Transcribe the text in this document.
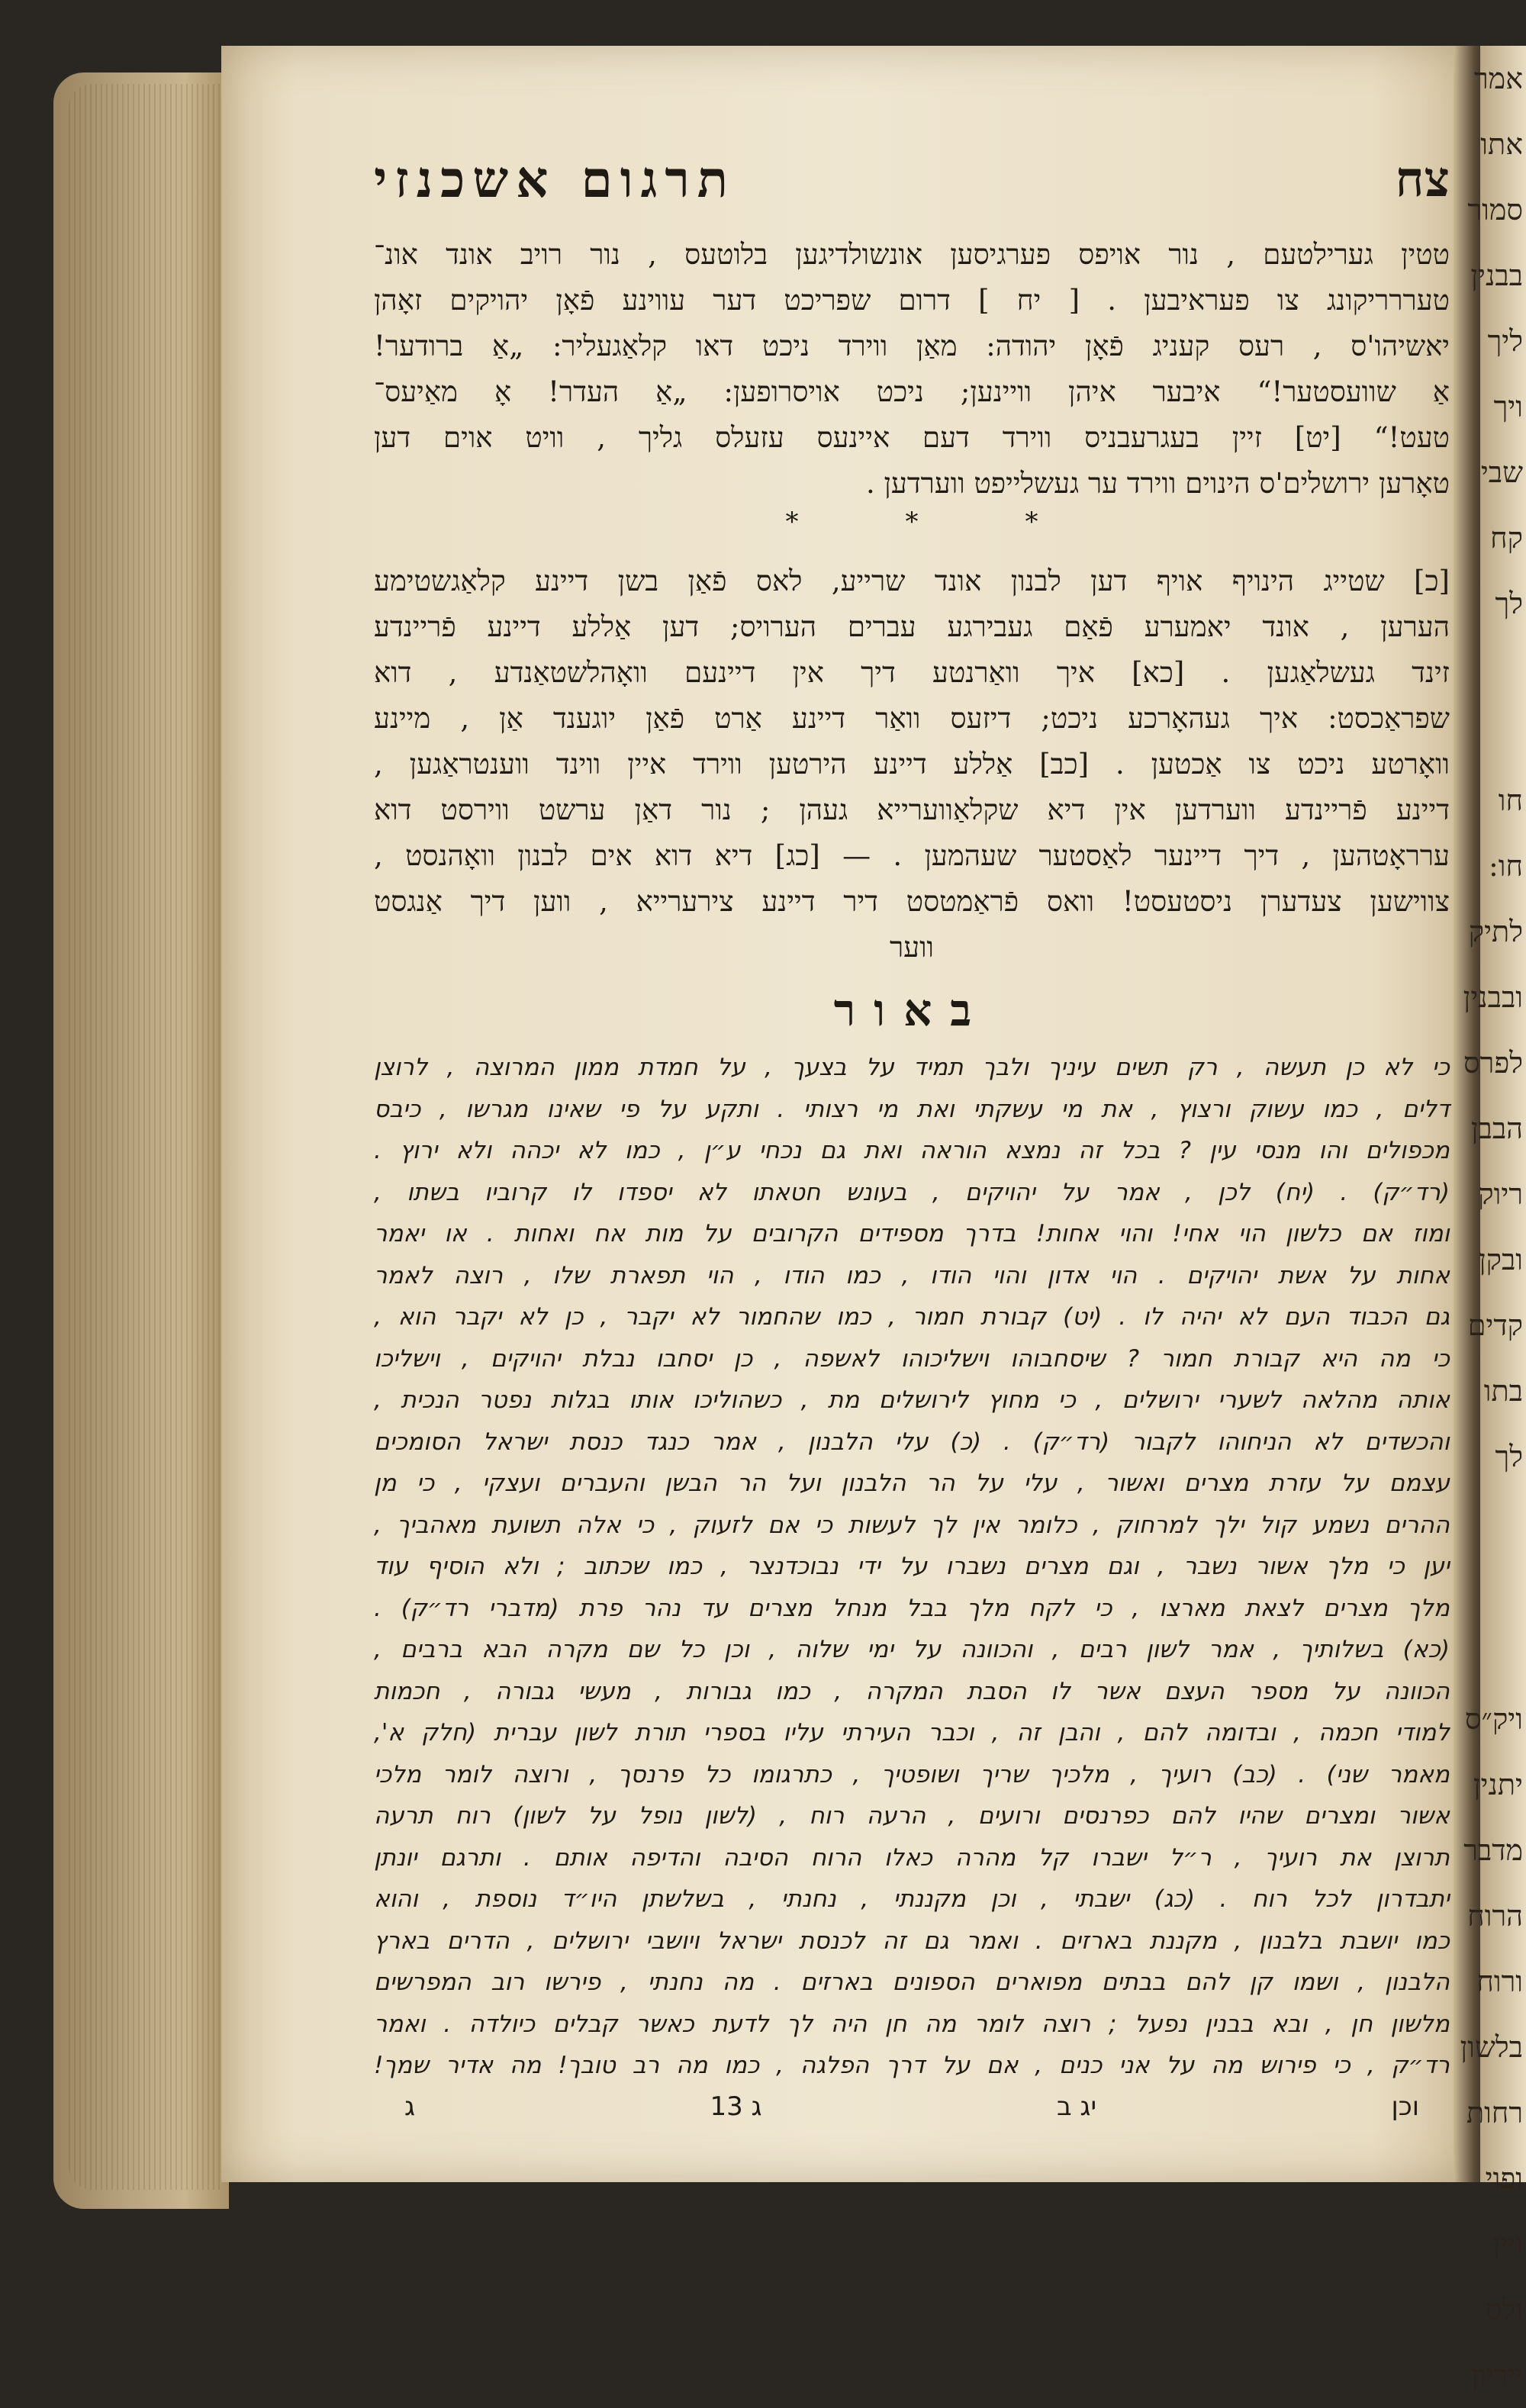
אמר
אתו
סמור
בבנין
ליך
ויך
שבי
קח
לך

חו
חו:
לתיק
ובבנין
לפרס
הבבן
ריוק
ובקן
קדים
בתו
לך

ויק״ס
יתנין
מדבר
הרוח
ורוח
בלשון
רחות
ופוי
ויין
ולס
ייריון
צח
תרגום אשכנזי
טטין גערילטעם , נור אויפס פערגיסען אונשולדיגען בלוטעס , נור רויב אונד אונ־
טעררריקונג צו פעראיבען . [ יח ] דרום שפריכט דער עווינע פֿאָן יהויקים זאָהן
יאשיהו'ס , רעס קעניג פֿאָן יהודה: מאַן ווירד ניכט דאו קלאַגעליר: „אַ ברודער!
אַ שוועסטער!“ איבער איהן וויינען; ניכט אויסרופען: „אַ העדר! אָ מאַיעס־
טעט!“ [יט] זיין בעגרעבניס ווירד דעם איינעס עזעלס גליך , וויט אוים דען
טאָרען ירושלים'ס הינוים ווירד ער געשלייפט ווערדען .
*	*	*
[כ] שטייג הינויף אויף דען לבנון אונד שרייע, לאס פֿאַן בשן דיינע קלאַגשטימע
הערען , אונד יאמערע פֿאַם געבירגע עברים הערויס; דען אַללע דיינע פֿריינדע
זינד געשלאַגען . [כא] איך וואַרנטע דיך אין דיינעם וואָהלשטאַנדע , דוא
שפראַכסט: איך געהאָרכע ניכט; דיזעס וואַר דיינע אַרט פֿאַן יוגענד אַן , מיינע
וואָרטע ניכט צו אַכטען . [כב] אַללע דיינע הירטען ווירד איין ווינד ווענטראַגען ,
דיינע פֿריינדע ווערדען אין דיא שקלאַווערייא געהן ; נור דאַן ערשט ווירסט דוא
ערראָטהען , דיך דיינער לאַסטער שעהמען . — [כג] דיא דוא אים לבנון וואָהנסט ,
צווישען צעדערן ניסטעסט! וואס פֿראַמטסט דיר דיינע צירערייא , ווען דיך אַנגסט
ווער
באור
כי לא כן תעשה , רק תשים עיניך ולבך תמיד על בצעך , על חמדת ממון המרוצה , לרוצן
דלים , כמו עשוק ורצוץ , את מי עשקתי ואת מי רצותי . ותקע על פי שאינו מגרשו , כיבס
מכפולים והו מנסי עין ? בכל זה נמצא הוראה ואת גם נכחי ע״ן , כמו לא יכהה ולא ירוץ .
(רד״ק) . (יח) לכן , אמר על יהויקים , בעונש חטאתו לא יספדו לו קרוביו בשתו ,
ומוז אם כלשון הוי אחי! והוי אחות! בדרך מספידים הקרובים על מות אח ואחות . או יאמר
אחות על אשת יהויקים . הוי אדון והוי הודו , כמו הודו , הוי תפארת שלו , רוצה לאמר
גם הכבוד העם לא יהיה לו . (יט) קבורת חמור , כמו שהחמור לא יקבר , כן לא יקבר הוא ,
כי מה היא קבורת חמור ? שיסחבוהו וישליכוהו לאשפה , כן יסחבו נבלת יהויקים , וישליכו
אותה מהלאה לשערי ירושלים , כי מחוץ לירושלים מת , כשהוליכו אותו בגלות נפטר הנכית ,
והכשדים לא הניחוהו לקבור (רד״ק) . (כ) עלי הלבנון , אמר כנגד כנסת ישראל הסומכים
עצמם על עזרת מצרים ואשור , עלי על הר הלבנון ועל הר הבשן והעברים ועצקי , כי מן
ההרים נשמע קול ילך למרחוק , כלומר אין לך לעשות כי אם לזעוק , כי אלה תשועת מאהביך ,
יען כי מלך אשור נשבר , וגם מצרים נשברו על ידי נבוכדנצר , כמו שכתוב ; ולא הוסיף עוד
מלך מצרים לצאת מארצו , כי לקח מלך בבל מנחל מצרים עד נהר פרת (מדברי רד״ק) .
(כא) בשלותיך , אמר לשון רבים , והכוונה על ימי שלוה , וכן כל שם מקרה הבא ברבים ,
הכוונה על מספר העצם אשר לו הסבת המקרה , כמו גבורות , מעשי גבורה , חכמות
למודי חכמה , ובדומה להם , והבן זה , וכבר העירתי עליו בספרי תורת לשון עברית (חלק א',
מאמר שני) . (כב) רועיך , מלכיך שריך ושופטיך , כתרגומו כל פרנסך , ורוצה לומר מלכי
אשור ומצרים שהיו להם כפרנסים ורועים , הרעה רוח , (לשון נופל על לשון) רוח תרעה
תרוצן את רועיך , ר״ל ישברו קל מהרה כאלו הרוח הסיבה והדיפה אותם . ותרגם יונתן
יתבדרון לכל רוח . (כג) ישבתי , וכן מקננתי , נחנתי , בשלשתן היו״ד נוספת , והוא
כמו יושבת בלבנון , מקננת בארזים . ואמר גם זה לכנסת ישראל ויושבי ירושלים , הדרים בארץ
הלבנון , ושמו קן להם בבתים מפוארים הספונים בארזים . מה נחנתי , פירשו רוב המפרשים
מלשון חן , ובא בבנין נפעל ; רוצה לומר מה חן היה לך לדעת כאשר קבלים כיולדה . ואמר
רד״ק , כי פירוש מה על אני כנים , אם על דרך הפלגה , כמו מה רב טובך! מה אדיר שמך!
וכן
יג ב
ג 13
ג
